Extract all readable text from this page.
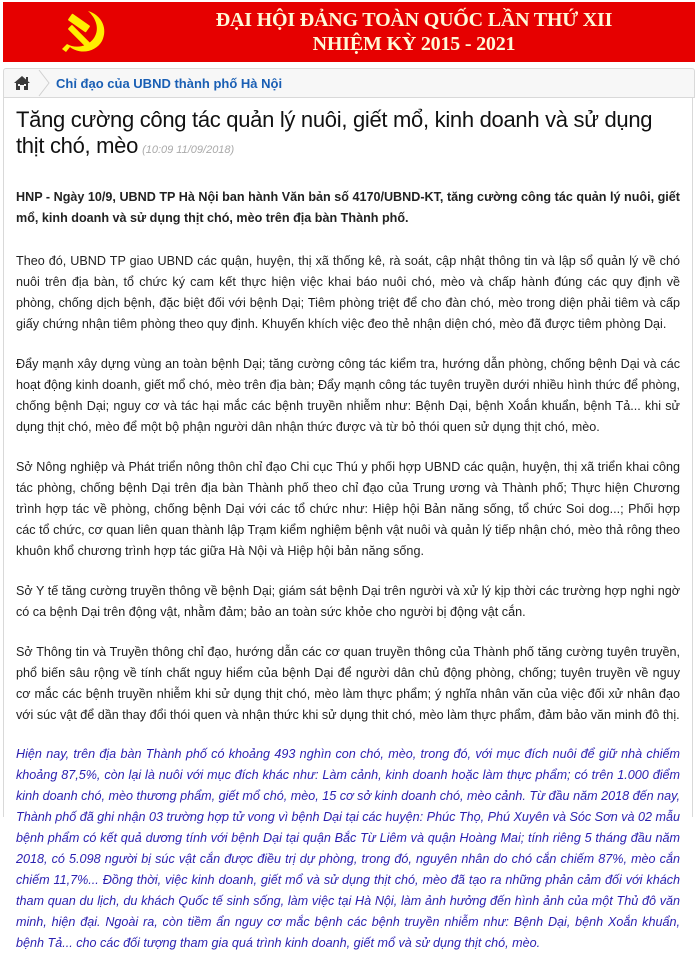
ĐẠI HỘI ĐẢNG TOÀN QUỐC LẦN THỨ XII
NHIỆM KỲ 2015 - 2021
Chỉ đạo của UBND thành phố Hà Nội
Tăng cường công tác quản lý nuôi, giết mổ, kinh doanh và sử dụng thịt chó, mèo (10:09 11/09/2018)

HNP - Ngày 10/9, UBND TP Hà Nội ban hành Văn bản số 4170/UBND-KT, tăng cường công tác quản lý nuôi, giết mổ, kinh doanh và sử dụng thịt chó, mèo trên địa bàn Thành phố.

Theo đó, UBND TP giao UBND các quận, huyện, thị xã thống kê, rà soát, cập nhật thông tin và lập sổ quản lý về chó nuôi trên địa bàn, tổ chức ký cam kết thực hiện việc khai báo nuôi chó, mèo và chấp hành đúng các quy định về phòng, chống dịch bệnh, đặc biệt đối với bệnh Dại; Tiêm phòng triệt để cho đàn chó, mèo trong diện phải tiêm và cấp giấy chứng nhận tiêm phòng theo quy định. Khuyến khích việc đeo thẻ nhận diện chó, mèo đã được tiêm phòng Dại.

Đẩy mạnh xây dựng vùng an toàn bệnh Dại; tăng cường công tác kiểm tra, hướng dẫn phòng, chống bệnh Dại và các hoạt động kinh doanh, giết mổ chó, mèo trên địa bàn; Đẩy mạnh công tác tuyên truyền dưới nhiều hình thức để phòng, chống bệnh Dại; nguy cơ và tác hại mắc các bệnh truyền nhiễm như: Bệnh Dại, bệnh Xoắn khuẩn, bệnh Tả... khi sử dụng thịt chó, mèo để một bộ phận người dân nhận thức được và từ bỏ thói quen sử dụng thịt chó, mèo.

Sở Nông nghiệp và Phát triển nông thôn chỉ đạo Chi cục Thú y phối hợp UBND các quận, huyện, thị xã triển khai công tác phòng, chống bệnh Dại trên địa bàn Thành phố theo chỉ đạo của Trung ương và Thành phố; Thực hiện Chương trình hợp tác về phòng, chống bệnh Dại với các tổ chức như: Hiệp hội Bản năng sống, tổ chức Soi dog...; Phối hợp các tổ chức, cơ quan liên quan thành lập Trạm kiểm nghiệm bệnh vật nuôi và quản lý tiếp nhận chó, mèo thả rông theo khuôn khổ chương trình hợp tác giữa Hà Nội và Hiệp hội bản năng sống.

Sở Y tế tăng cường truyền thông về bệnh Dại; giám sát bệnh Dại trên người và xử lý kịp thời các trường hợp nghi ngờ có ca bệnh Dại trên động vật, nhằm đảm; bảo an toàn sức khỏe cho người bị động vật cắn.

Sở Thông tin và Truyền thông chỉ đạo, hướng dẫn các cơ quan truyền thông của Thành phố tăng cường tuyên truyền, phổ biến sâu rộng về tính chất nguy hiểm của bệnh Dại để người dân chủ động phòng, chống; tuyên truyền về nguy cơ mắc các bệnh truyền nhiễm khi sử dụng thịt chó, mèo làm thực phẩm; ý nghĩa nhân văn của việc đối xử nhân đạo với súc vật để dần thay đổi thói quen và nhận thức khi sử dụng thit chó, mèo làm thực phẩm, đảm bảo văn minh đô thị.

Hiện nay, trên địa bàn Thành phố có khoảng 493 nghìn con chó, mèo, trong đó, với mục đích nuôi để giữ nhà chiếm khoảng 87,5%, còn lại là nuôi với mục đích khác như: Làm cảnh, kinh doanh hoặc làm thực phẩm; có trên 1.000 điểm kinh doanh chó, mèo thương phẩm, giết mổ chó, mèo, 15 cơ sở kinh doanh chó, mèo cảnh. Từ đầu năm 2018 đến nay, Thành phố đã ghi nhận 03 trường hợp tử vong vì bệnh Dại tại các huyện: Phúc Thọ, Phú Xuyên và Sóc Sơn và 02 mẫu bệnh phẩm có kết quả dương tính với bệnh Dại tại quận Bắc Từ Liêm và quận Hoàng Mai; tính riêng 5 tháng đầu năm 2018, có 5.098 người bị súc vật cắn được điều trị dự phòng, trong đó, nguyên nhân do chó cắn chiếm 87%, mèo cắn chiếm 11,7%... Đồng thời, việc kinh doanh, giết mổ và sử dụng thịt chó, mèo đã tạo ra những phản cảm đối với khách tham quan du lịch, du khách Quốc tế sinh sống, làm việc tại Hà Nội, làm ảnh hưởng đến hình ảnh của một Thủ đô văn minh, hiện đại. Ngoài ra, còn tiềm ẩn nguy cơ mắc bệnh các bệnh truyền nhiễm như: Bệnh Dại, bệnh Xoắn khuẩn, bệnh Tả... cho các đối tượng tham gia quá trình kinh doanh, giết mổ và sử dụng thịt chó, mèo.
